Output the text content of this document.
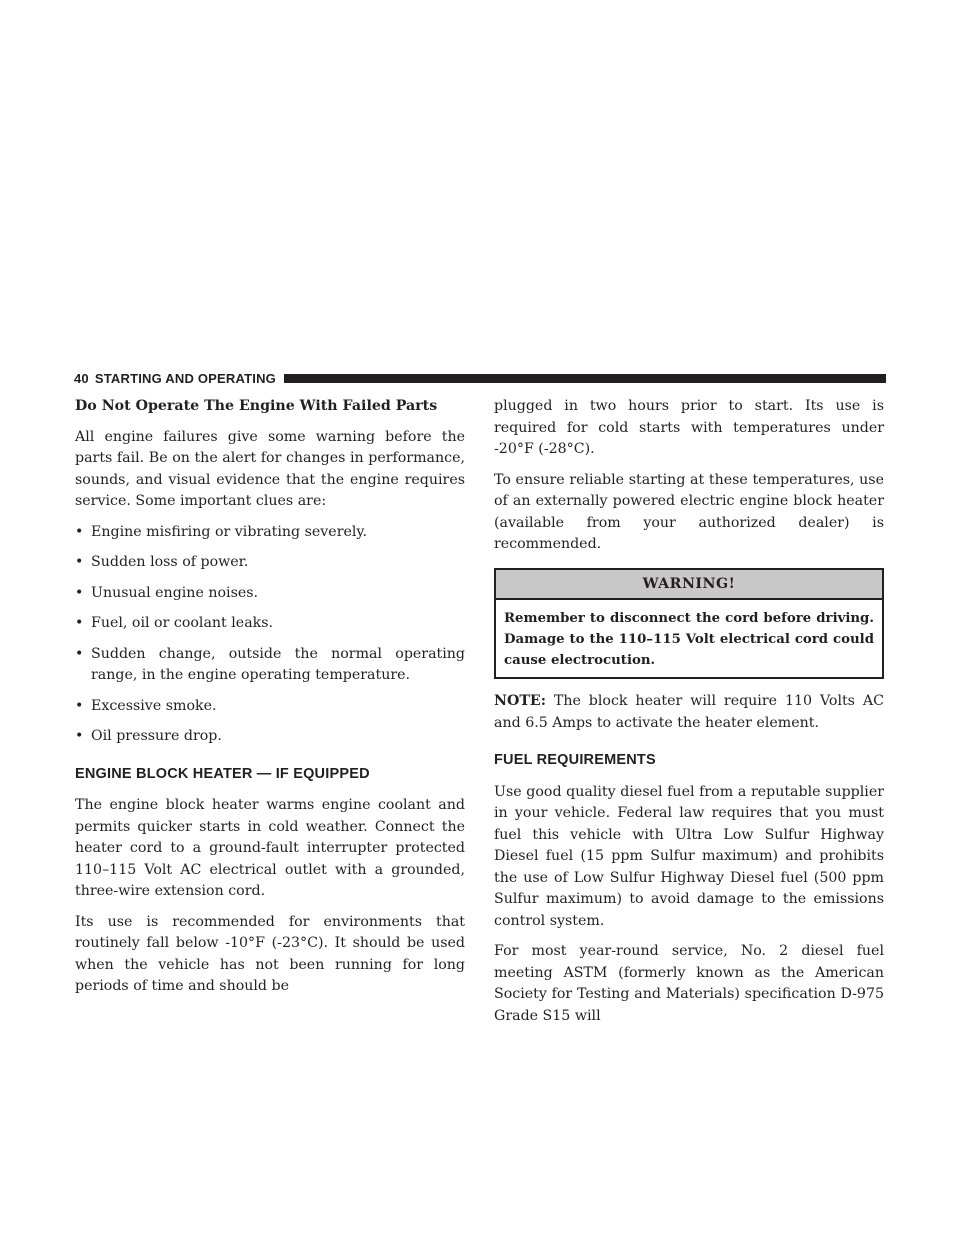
40 STARTING AND OPERATING

Do Not Operate The Engine With Failed Parts

All engine failures give some warning before the parts fail. Be on the alert for changes in performance, sounds, and visual evidence that the engine requires service. Some important clues are:

• Engine misfiring or vibrating severely.
• Sudden loss of power.
• Unusual engine noises.
• Fuel, oil or coolant leaks.
• Sudden change, outside the normal operating range, in the engine operating temperature.
• Excessive smoke.
• Oil pressure drop.
ENGINE BLOCK HEATER — IF EQUIPPED

The engine block heater warms engine coolant and permits quicker starts in cold weather. Connect the heater cord to a ground-fault interrupter protected 110–115 Volt AC electrical outlet with a grounded, three-wire extension cord.

Its use is recommended for environments that routinely fall below -10°F (-23°C). It should be used when the vehicle has not been running for long periods of time and should be

plugged in two hours prior to start. Its use is required for cold starts with temperatures under -20°F (-28°C).

To ensure reliable starting at these temperatures, use of an externally powered electric engine block heater (available from your authorized dealer) is recommended.

WARNING!
Remember to disconnect the cord before driving. Damage to the 110–115 Volt electrical cord could cause electrocution.

NOTE: The block heater will require 110 Volts AC and 6.5 Amps to activate the heater element.

FUEL REQUIREMENTS

Use good quality diesel fuel from a reputable supplier in your vehicle. Federal law requires that you must fuel this vehicle with Ultra Low Sulfur Highway Diesel fuel (15 ppm Sulfur maximum) and prohibits the use of Low Sulfur Highway Diesel fuel (500 ppm Sulfur maximum) to avoid damage to the emissions control system.

For most year-round service, No. 2 diesel fuel meeting ASTM (formerly known as the American Society for Testing and Materials) specification D-975 Grade S15 will
